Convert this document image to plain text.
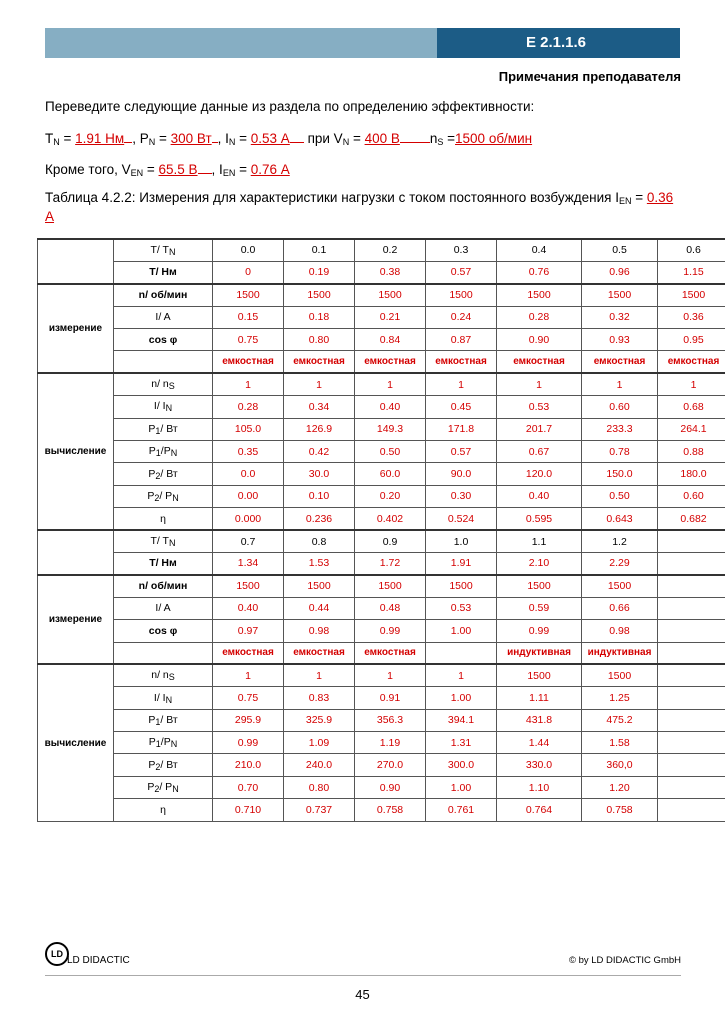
E 2.1.1.6
Примечания преподавателя
Переведите следующие данные из раздела по определению эффективности:
$T_N = 1.91$ Нм , $P_N = 300$ Вт , $I_N = 0.53$ А при $V_N = 400$ В $n_S =1500$ об/мин
Кроме того, $V_{EN} = 65.5$ В , $I_{EN} = 0.76$ А
Таблица 4.2.2: Измерения для характеристики нагрузки с током постоянного возбуждения $I_{EN} = 0.36$ А
	T/ $T_N$	0.0	0.1	0.2	0.3	0.4	0.5	0.6
	T/ Нм	0	0.19	0.38	0.57	0.76	0.96	1.15
измерение	n/ об/мин	1500	1500	1500	1500	1500	1500	1500
	I/ A	0.15	0.18	0.21	0.24	0.28	0.32	0.36
	cos φ	0.75	0.80	0.84	0.87	0.90	0.93	0.95
		емкостная	емкостная	емкостная	емкостная	емкостная	емкостная	емкостная
вычисление	n/ $n_S$	1	1	1	1	1	1	1
	I/ $I_N$	0.28	0.34	0.40	0.45	0.53	0.60	0.68
	$P_1/$ Вт	105.0	126.9	149.3	171.8	201.7	233.3	264.1
	$P_1/P_N$	0.35	0.42	0.50	0.57	0.67	0.78	0.88
	$P_2/$ Вт	0.0	30.0	60.0	90.0	120.0	150.0	180.0
	$P_2/$ $P_N$	0.00	0.10	0.20	0.30	0.40	0.50	0.60
	η	0.000	0.236	0.402	0.524	0.595	0.643	0.682
	T/ $T_N$	0.7	0.8	0.9	1.0	1.1	1.2	
	T/ Нм	1.34	1.53	1.72	1.91	2.10	2.29	
измерение	n/ об/мин	1500	1500	1500	1500	1500	1500	
	I/ A	0.40	0.44	0.48	0.53	0.59	0.66	
	cos φ	0.97	0.98	0.99	1.00	0.99	0.98	
		емкостная	емкостная	емкостная		индуктивная	индуктивная	
вычисление	n/ $n_S$	1	1	1	1	1500	1500	
	I/ $I_N$	0.75	0.83	0.91	1.00	1.11	1.25	
	$P_1/$ Вт	295.9	325.9	356.3	394.1	431.8	475.2	
	$P_1/P_N$	0.99	1.09	1.19	1.31	1.44	1.58	
	$P_2/$ Вт	210.0	240.0	270.0	300.0	330.0	360,0	
	$P_2/$ $P_N$	0.70	0.80	0.90	1.00	1.10	1.20	
	η	0.710	0.737	0.758	0.761	0.764	0.758	
LD
LD DIDACTIC	© by LD DIDACTIC GmbH
45
